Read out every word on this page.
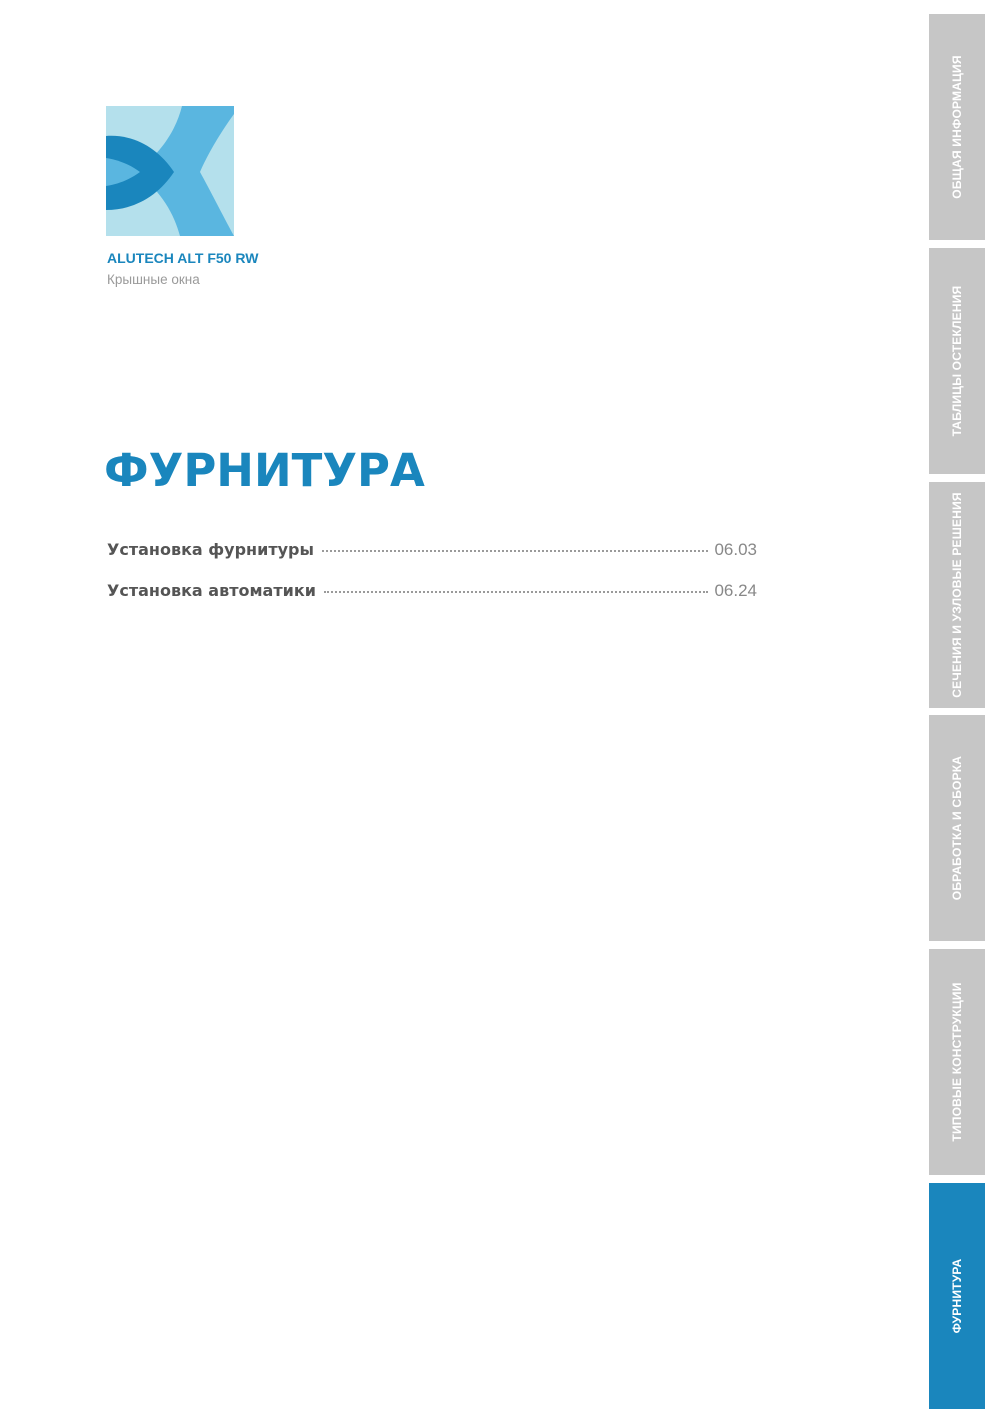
ALUTECH ALT F50 RW
Крышные окна
ФУРНИТУРА
Установка фурнитуры	06.03
Установка автоматики	06.24
ОБЩАЯ ИНФОРМАЦИЯ
ТАБЛИЦЫ ОСТЕКЛЕНИЯ
СЕЧЕНИЯ И УЗЛОВЫЕ РЕШЕНИЯ
ОБРАБОТКА И СБОРКА
ТИПОВЫЕ КОНСТРУКЦИИ
ФУРНИТУРА
